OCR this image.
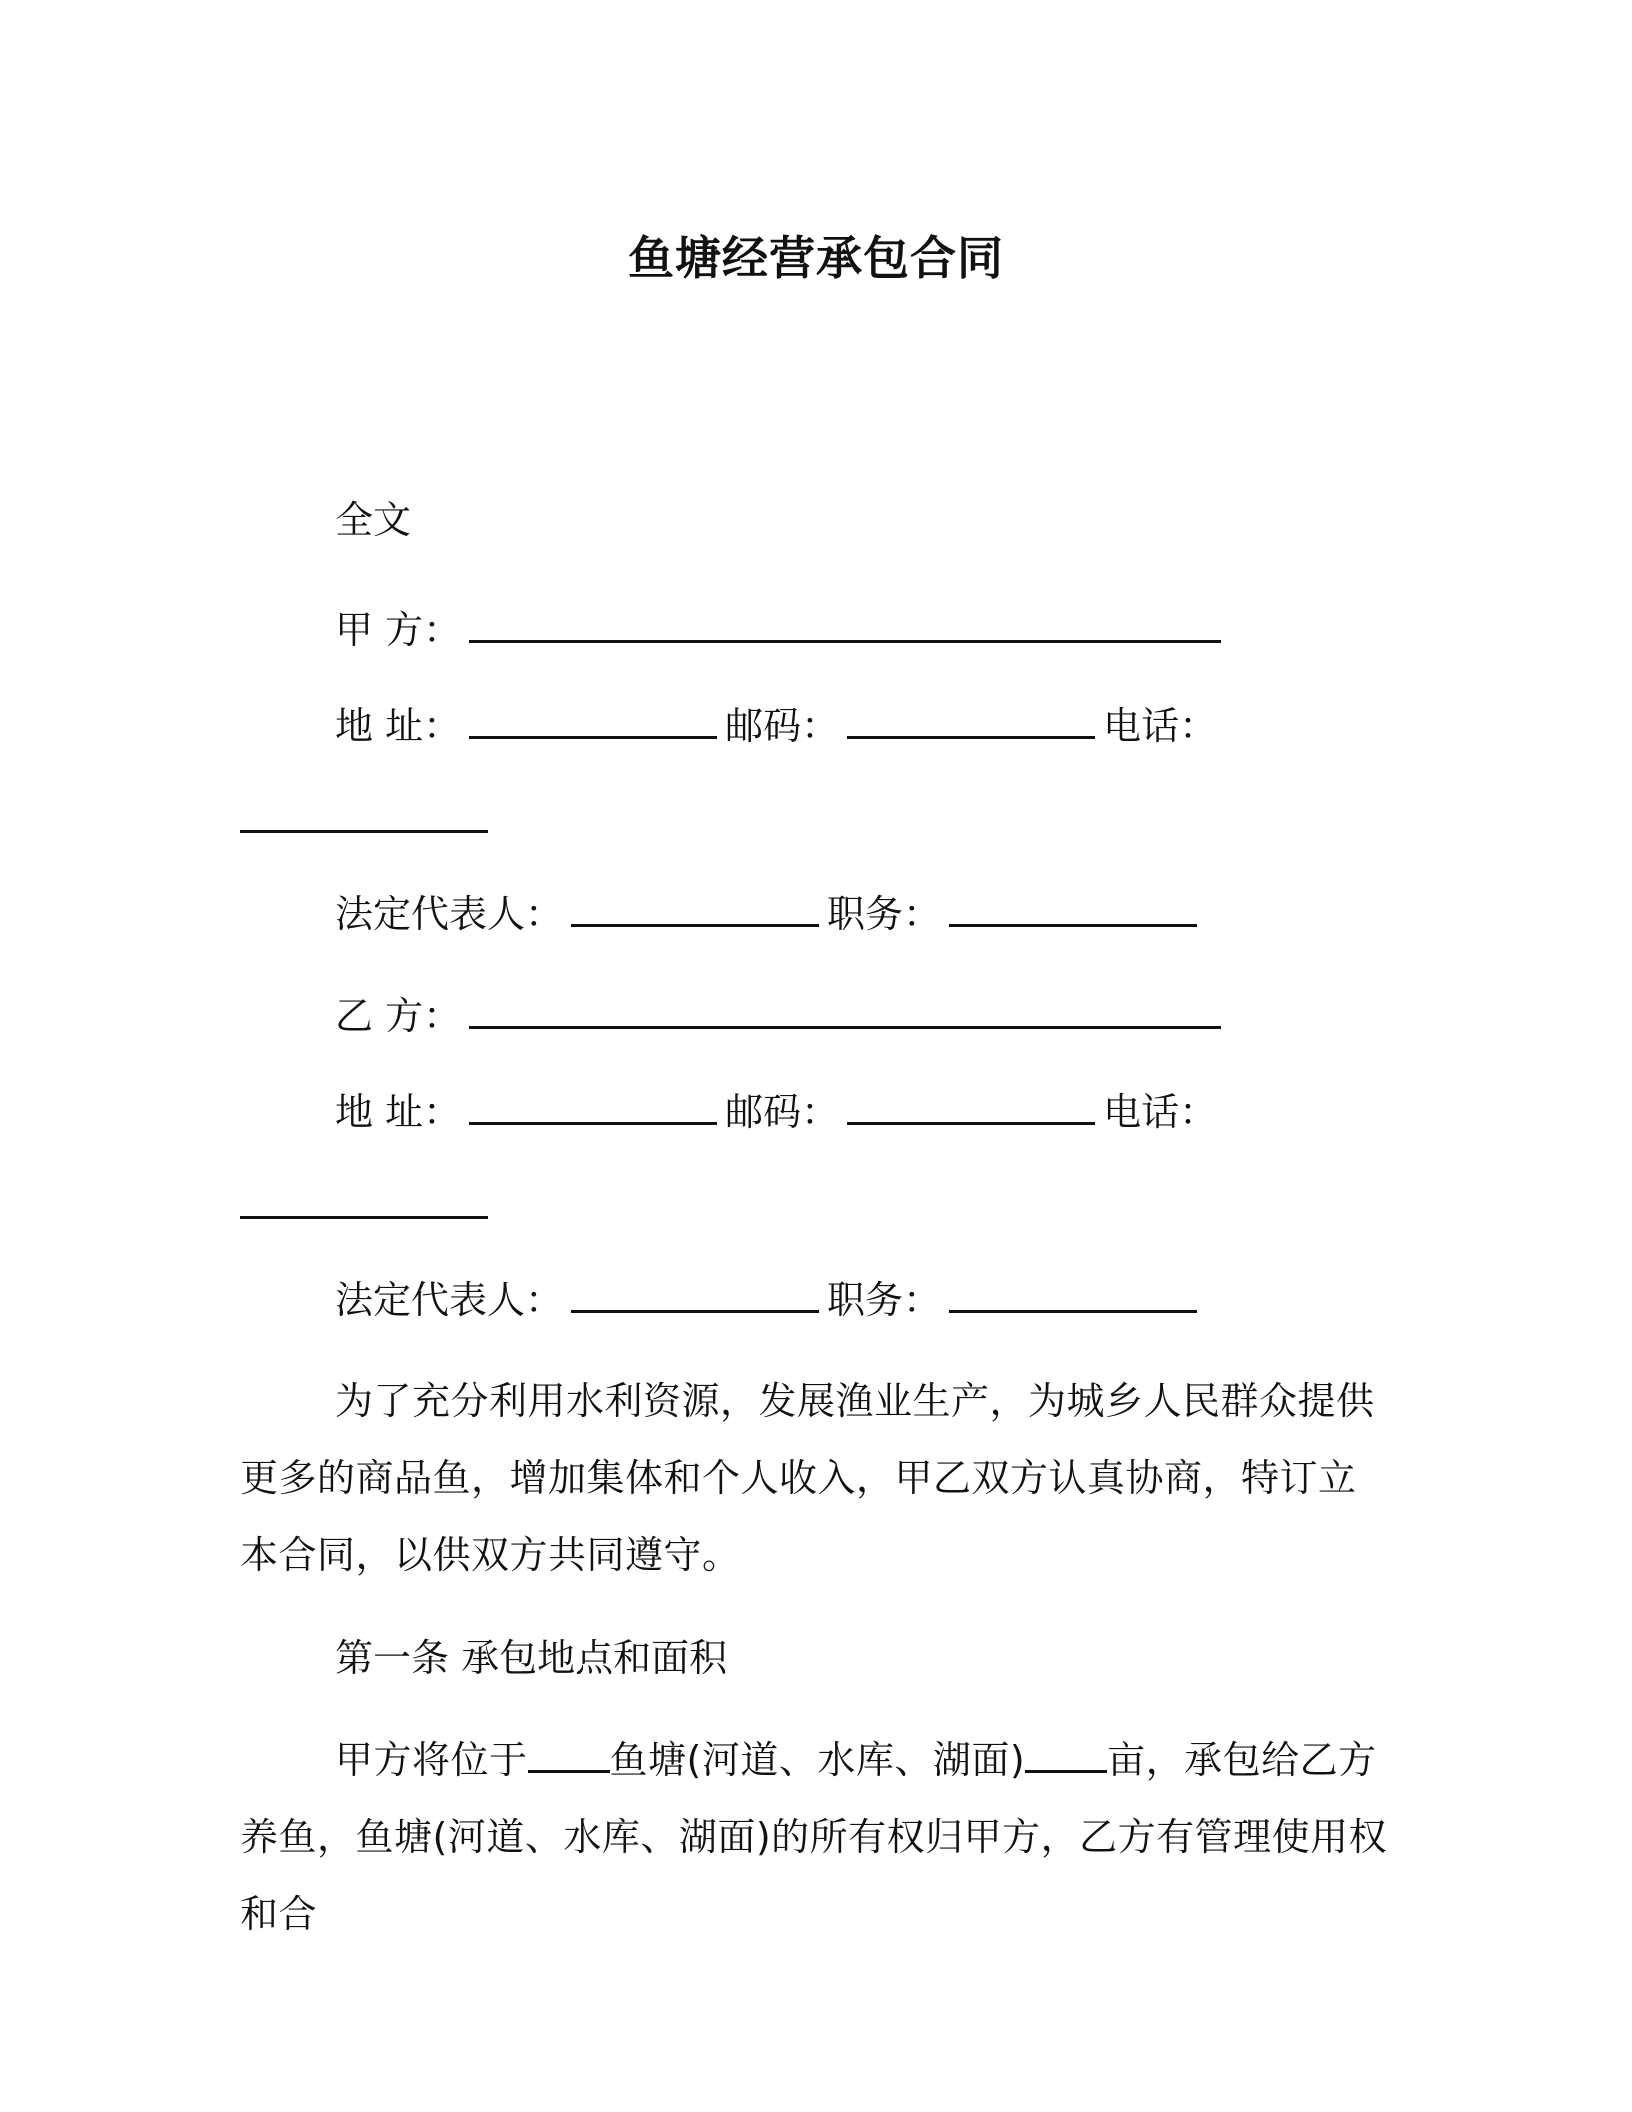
鱼塘经营承包合同
全文
甲 方：
地 址：	邮码：	电话：
法定代表人：	职务：
乙 方：
地 址：	邮码：	电话：
法定代表人：	职务：
为了充分利用水利资源，发展渔业生产，为城乡人民群众提供更多的商品鱼，增加集体和个人收入，甲乙双方认真协商，特订立本合同，以供双方共同遵守。
第一条 承包地点和面积
甲方将位于 鱼塘(河道、水库、湖面) 亩，承包给乙方养鱼，鱼塘(河道、水库、湖面)的所有权归甲方，乙方有管理使用权和合
